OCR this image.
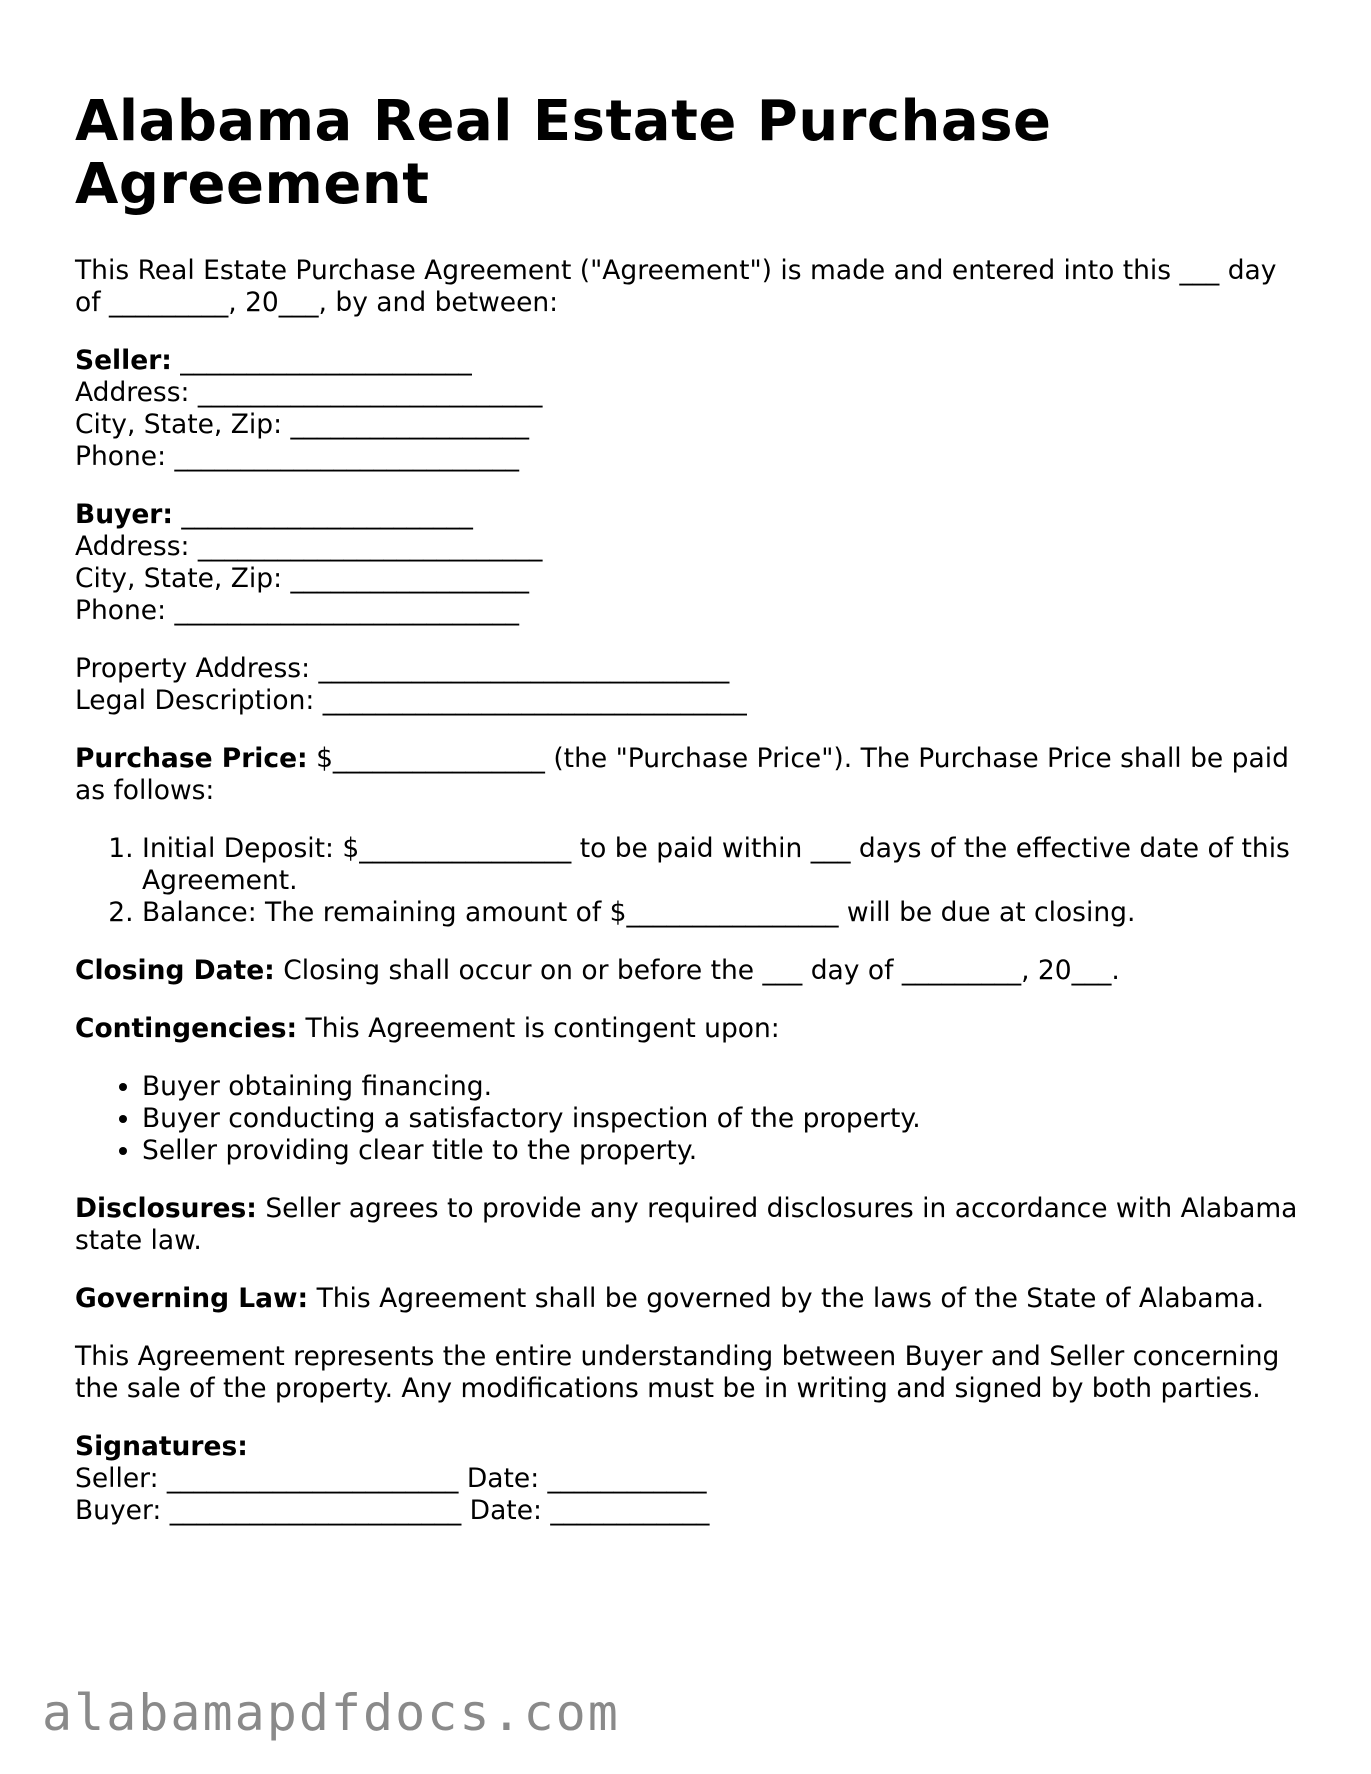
Alabama Real Estate Purchase Agreement

This Real Estate Purchase Agreement ("Agreement") is made and entered into this ___ day of _________, 20___, by and between:

Seller: ______________________
Address: __________________________
City, State, Zip: __________________
Phone: __________________________
Buyer: ______________________
Address: __________________________
City, State, Zip: __________________
Phone: __________________________
Property Address: _______________________________
Legal Description: ________________________________

Purchase Price: $________________ (the "Purchase Price"). The Purchase Price shall be paid as follows:

1. Initial Deposit: $________________ to be paid within ___ days of the effective date of this Agreement.
2. Balance: The remaining amount of $________________ will be due at closing.

Closing Date: Closing shall occur on or before the ___ day of _________, 20___.

Contingencies: This Agreement is contingent upon:

• Buyer obtaining financing.
• Buyer conducting a satisfactory inspection of the property.
• Seller providing clear title to the property.

Disclosures: Seller agrees to provide any required disclosures in accordance with Alabama state law.

Governing Law: This Agreement shall be governed by the laws of the State of Alabama.

This Agreement represents the entire understanding between Buyer and Seller concerning the sale of the property. Any modifications must be in writing and signed by both parties.

Signatures:
Seller: ______________________ Date: ____________
Buyer: ______________________ Date: ____________
alabamapdfdocs.com
